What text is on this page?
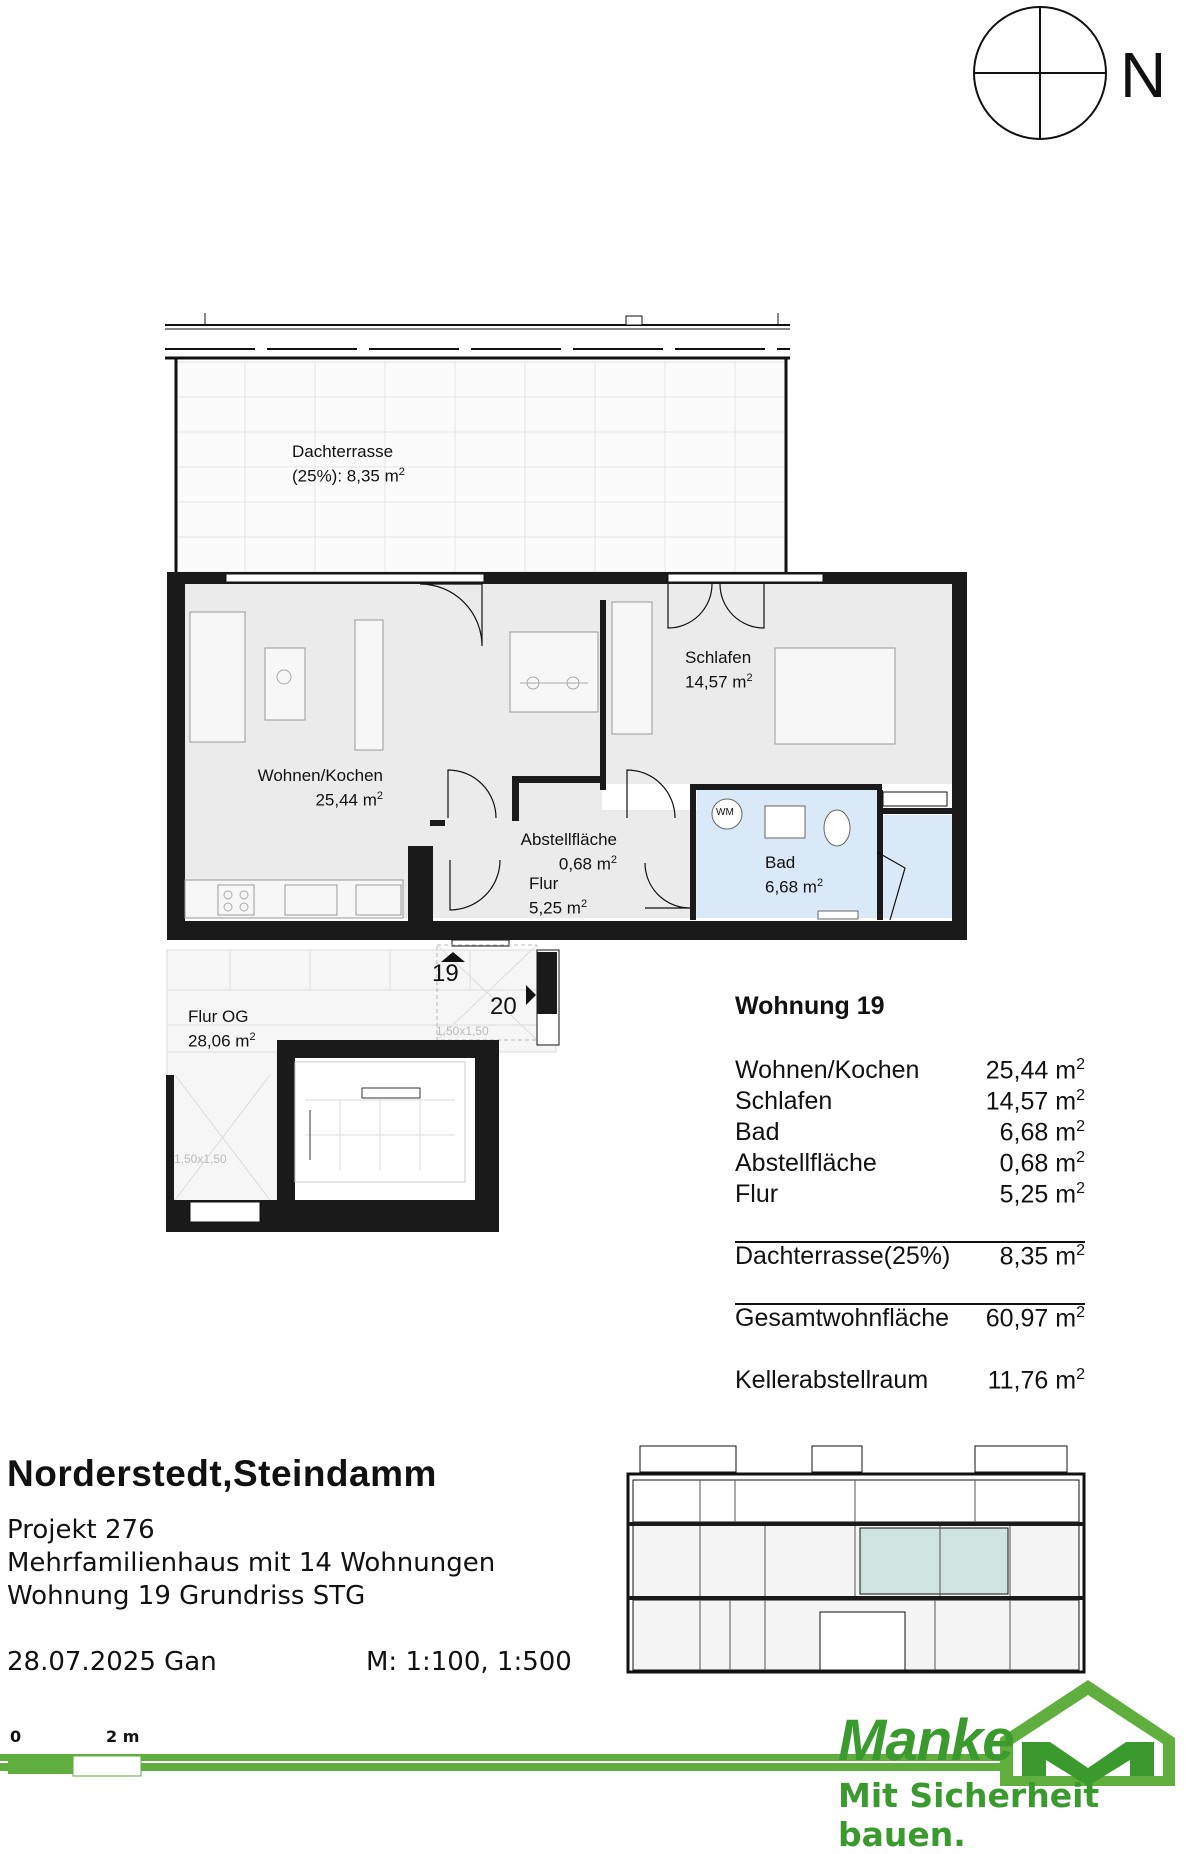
Dachterrasse
(25%): 8,35 $m^2$
Schlafen
14,57 $m^2$
Wohnen/Kochen
25,44 $m^2$
Abstellfläche
0,68 $m^2$
Flur
5,25 $m^2$
Bad
6,68 $m^2$
Flur OG
28,06 $m^2$
WM
19
20
1,50x1,50
1,50x1,50
N
Wohnung 19
Wohnen/Kochen	25,44 $m^2$
Schlafen	14,57 $m^2$
Bad	6,68 $m^2$
Abstellfläche	0,68 $m^2$
Flur	5,25 $m^2$
Dachterrasse(25%) 8,35 $m^2$
Gesamtwohnfläche 60,97 $m^2$
Kellerabstellraum 11,76 $m^2$
Norderstedt,Steindamm
Projekt 276
Mehrfamilienhaus mit 14 Wohnungen
Wohnung 19 Grundriss STG
28.07.2025 Gan	M: 1:100, 1:500
0	2 m	Manke
Mit Sicherheit bauen.
